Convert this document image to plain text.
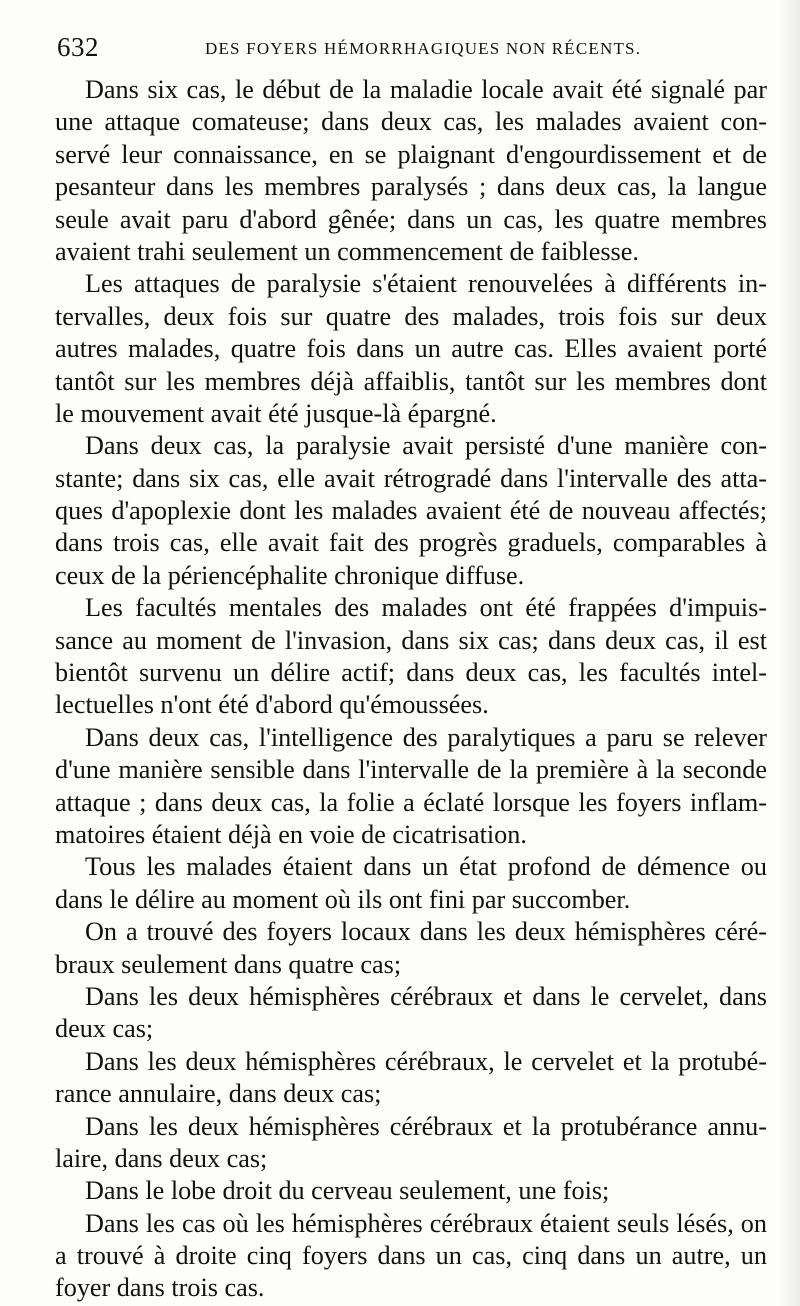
632	DES FOYERS HÉMORRHAGIQUES NON RÉCENTS.
Dans six cas, le début de la maladie locale avait été signalé par
une attaque comateuse; dans deux cas, les malades avaient con-
servé leur connaissance, en se plaignant d'engourdissement et de
pesanteur dans les membres paralysés ; dans deux cas, la langue
seule avait paru d'abord gênée; dans un cas, les quatre membres
avaient trahi seulement un commencement de faiblesse.
Les attaques de paralysie s'étaient renouvelées à différents in-
tervalles, deux fois sur quatre des malades, trois fois sur deux
autres malades, quatre fois dans un autre cas. Elles avaient porté
tantôt sur les membres déjà affaiblis, tantôt sur les membres dont
le mouvement avait été jusque-là épargné.
Dans deux cas, la paralysie avait persisté d'une manière con-
stante; dans six cas, elle avait rétrogradé dans l'intervalle des atta-
ques d'apoplexie dont les malades avaient été de nouveau affectés;
dans trois cas, elle avait fait des progrès graduels, comparables à
ceux de la périencéphalite chronique diffuse.
Les facultés mentales des malades ont été frappées d'impuis-
sance au moment de l'invasion, dans six cas; dans deux cas, il est
bientôt survenu un délire actif; dans deux cas, les facultés intel-
lectuelles n'ont été d'abord qu'émoussées.
Dans deux cas, l'intelligence des paralytiques a paru se relever
d'une manière sensible dans l'intervalle de la première à la seconde
attaque ; dans deux cas, la folie a éclaté lorsque les foyers inflam-
matoires étaient déjà en voie de cicatrisation.
Tous les malades étaient dans un état profond de démence ou
dans le délire au moment où ils ont fini par succomber.
On a trouvé des foyers locaux dans les deux hémisphères céré-
braux seulement dans quatre cas;
Dans les deux hémisphères cérébraux et dans le cervelet, dans
deux cas;
Dans les deux hémisphères cérébraux, le cervelet et la protubé-
rance annulaire, dans deux cas;
Dans les deux hémisphères cérébraux et la protubérance annu-
laire, dans deux cas;
Dans le lobe droit du cerveau seulement, une fois;
Dans les cas où les hémisphères cérébraux étaient seuls lésés, on
a trouvé à droite cinq foyers dans un cas, cinq dans un autre, un
foyer dans trois cas.
